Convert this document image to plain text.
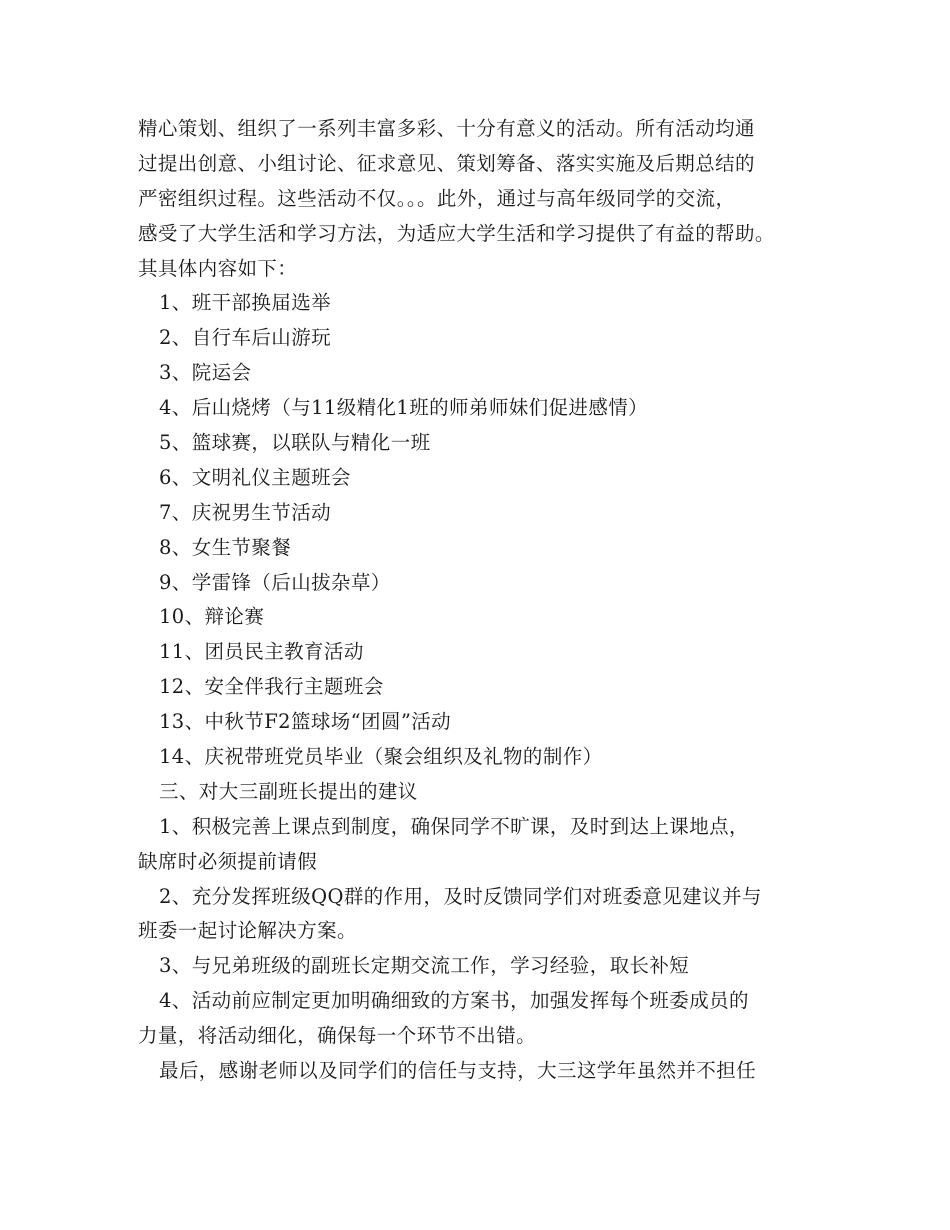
精心策划、组织了一系列丰富多彩、十分有意义的活动。所有活动均通
过提出创意、小组讨论、征求意见、策划筹备、落实实施及后期总结的
严密组织过程。这些活动不仅。。。此外，通过与高年级同学的交流，
感受了大学生活和学习方法，为适应大学生活和学习提供了有益的帮助。
其具体内容如下：
1、班干部换届选举
2、自行车后山游玩
3、院运会
4、后山烧烤（与11级精化1班的师弟师妹们促进感情）
5、篮球赛，以联队与精化一班
6、文明礼仪主题班会
7、庆祝男生节活动
8、女生节聚餐
9、学雷锋（后山拔杂草）
10、辩论赛
11、团员民主教育活动
12、安全伴我行主题班会
13、中秋节F2篮球场“团圆”活动
14、庆祝带班党员毕业（聚会组织及礼物的制作）
三、对大三副班长提出的建议
1、积极完善上课点到制度，确保同学不旷课，及时到达上课地点，
缺席时必须提前请假
2、充分发挥班级QQ群的作用，及时反馈同学们对班委意见建议并与
班委一起讨论解决方案。
3、与兄弟班级的副班长定期交流工作，学习经验，取长补短
4、活动前应制定更加明确细致的方案书，加强发挥每个班委成员的
力量，将活动细化，确保每一个环节不出错。
最后，感谢老师以及同学们的信任与支持，大三这学年虽然并不担任
